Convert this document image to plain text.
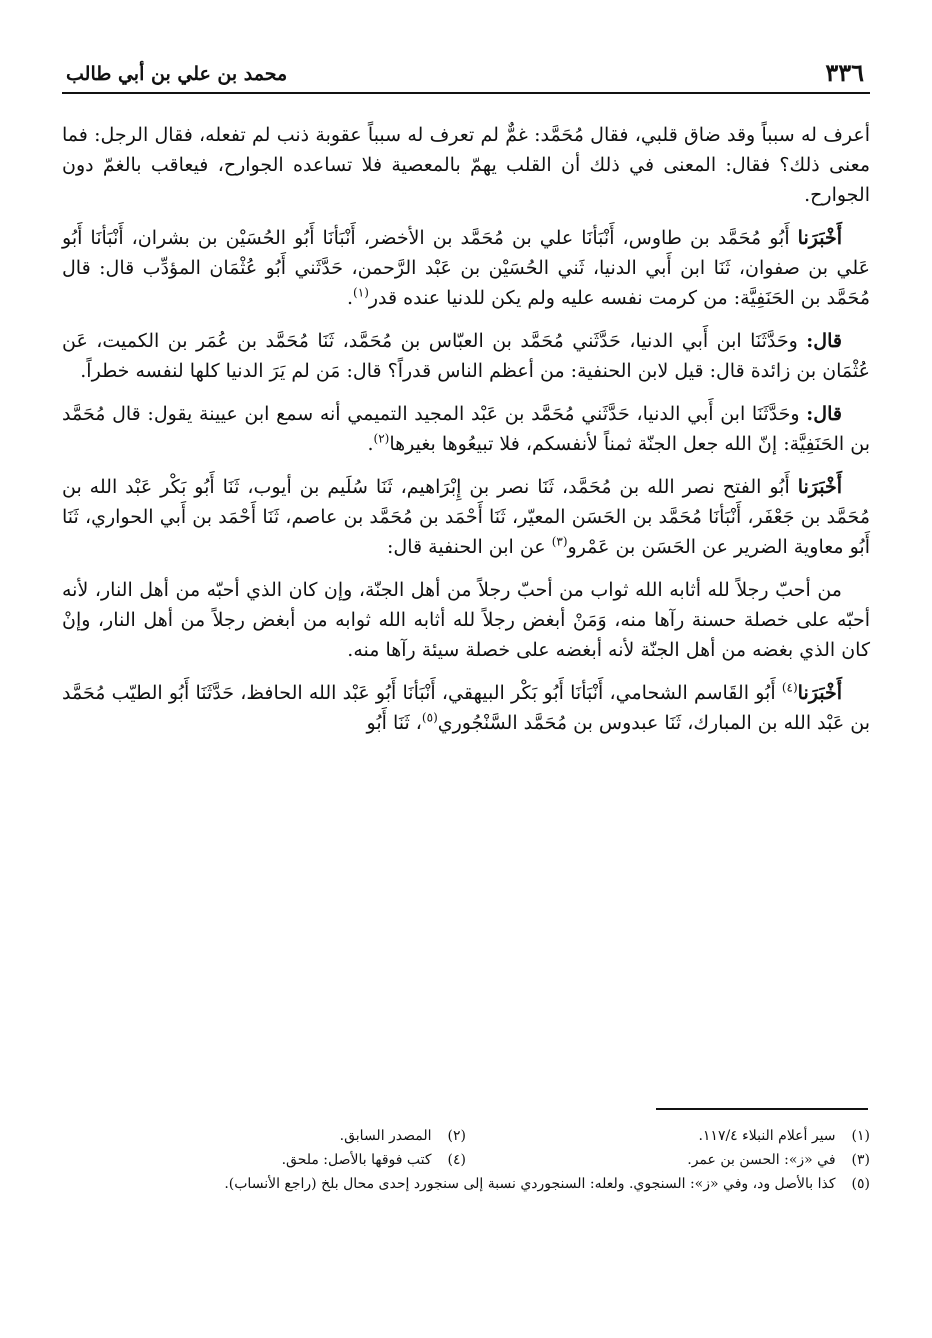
٣٣٦
محمد بن علي بن أبي طالب

أعرف له سبباً وقد ضاق قلبي، فقال مُحَمَّد: غمٌّ لم تعرف له سبباً عقوبة ذنب لم تفعله، فقال الرجل: فما معنى ذلك؟ فقال: المعنى في ذلك أن القلب يهمّ بالمعصية فلا تساعده الجوارح، فيعاقب بالغمّ دون الجوارح.

أَخْبَرَنا أَبُو مُحَمَّد بن طاوس، أَنْبَأنَا علي بن مُحَمَّد بن الأخضر، أَنْبَأنَا أَبُو الحُسَيْن بن بشران، أَنْبَأنَا أَبُو عَلي بن صفوان، ثَنَا ابن أَبي الدنيا، ثَني الحُسَيْن بن عَبْد الرَّحمن، حَدَّثَني أَبُو عُثْمَان المؤدِّب قال: قال مُحَمَّد بن الحَنَفِيَّة: من كرمت نفسه عليه ولم يكن للدنيا عنده قدر$^{(١)}$.

قال: وحَدَّثَنَا ابن أَبي الدنيا، حَدَّثَني مُحَمَّد بن العبّاس بن مُحَمَّد، ثَنَا مُحَمَّد بن عُمَر بن الكميت، عَن عُثْمَان بن زائدة قال: قيل لابن الحنفية: من أعظم الناس قدراً؟ قال: مَن لم يَرَ الدنيا كلها لنفسه خطراً.

قال: وحَدَّثَنَا ابن أَبي الدنيا، حَدَّثَني مُحَمَّد بن عَبْد المجيد التميمي أنه سمع ابن عيينة يقول: قال مُحَمَّد بن الحَنَفِيَّة: إنّ الله جعل الجنّة ثمناً لأنفسكم، فلا تبيعُوها بغيرها$^{(٢)}$.

أَخْبَرَنا أَبُو الفتح نصر الله بن مُحَمَّد، ثَنَا نصر بن إِبْرَاهيم، ثَنَا سُلَيم بن أيوب، ثَنَا أَبُو بَكْر عَبْد الله بن مُحَمَّد بن جَعْفَر، أَنْبَأنَا مُحَمَّد بن الحَسَن المعيّر، ثَنَا أَحْمَد بن مُحَمَّد بن عاصم، ثَنَا أَحْمَد بن أَبي الحواري، ثَنَا أَبُو معاوية الضرير عن الحَسَن بن عَمْرو$^{(٣)}$ عن ابن الحنفية قال:

من أحبّ رجلاً لله أثابه الله ثواب من أحبّ رجلاً من أهل الجنّة، وإن كان الذي أحبّه من أهل النار، لأنه أحبّه على خصلة حسنة رآها منه، وَمَنْ أبغض رجلاً لله أثابه الله ثوابه من أبغض رجلاً من أهل النار، وإنْ كان الذي بغضه من أهل الجنّة لأنه أبغضه على خصلة سيئة رآها منه.

أَخْبَرَنا$^{(٤)}$ أَبُو القَاسم الشحامي، أَنْبَأنَا أَبُو بَكْر البيهقي، أَنْبَأنَا أَبُو عَبْد الله الحافظ، حَدَّثَنَا أَبُو الطيّب مُحَمَّد بن عَبْد الله بن المبارك، ثَنَا عبدوس بن مُحَمَّد السَّنْجُوري$^{(٥)}$، ثَنَا أَبُو

(١) سير أعلام النبلاء ١١٧/٤.
(٢) المصدر السابق.
(٣) في «ز»: الحسن بن عمر.
(٤) كتب فوقها بالأصل: ملحق.
(٥) كذا بالأصل ود، وفي «ز»: السنجوي. ولعله: السنجوردي نسبة إلى سنجورد إحدى محال بلخ (راجع الأنساب).
